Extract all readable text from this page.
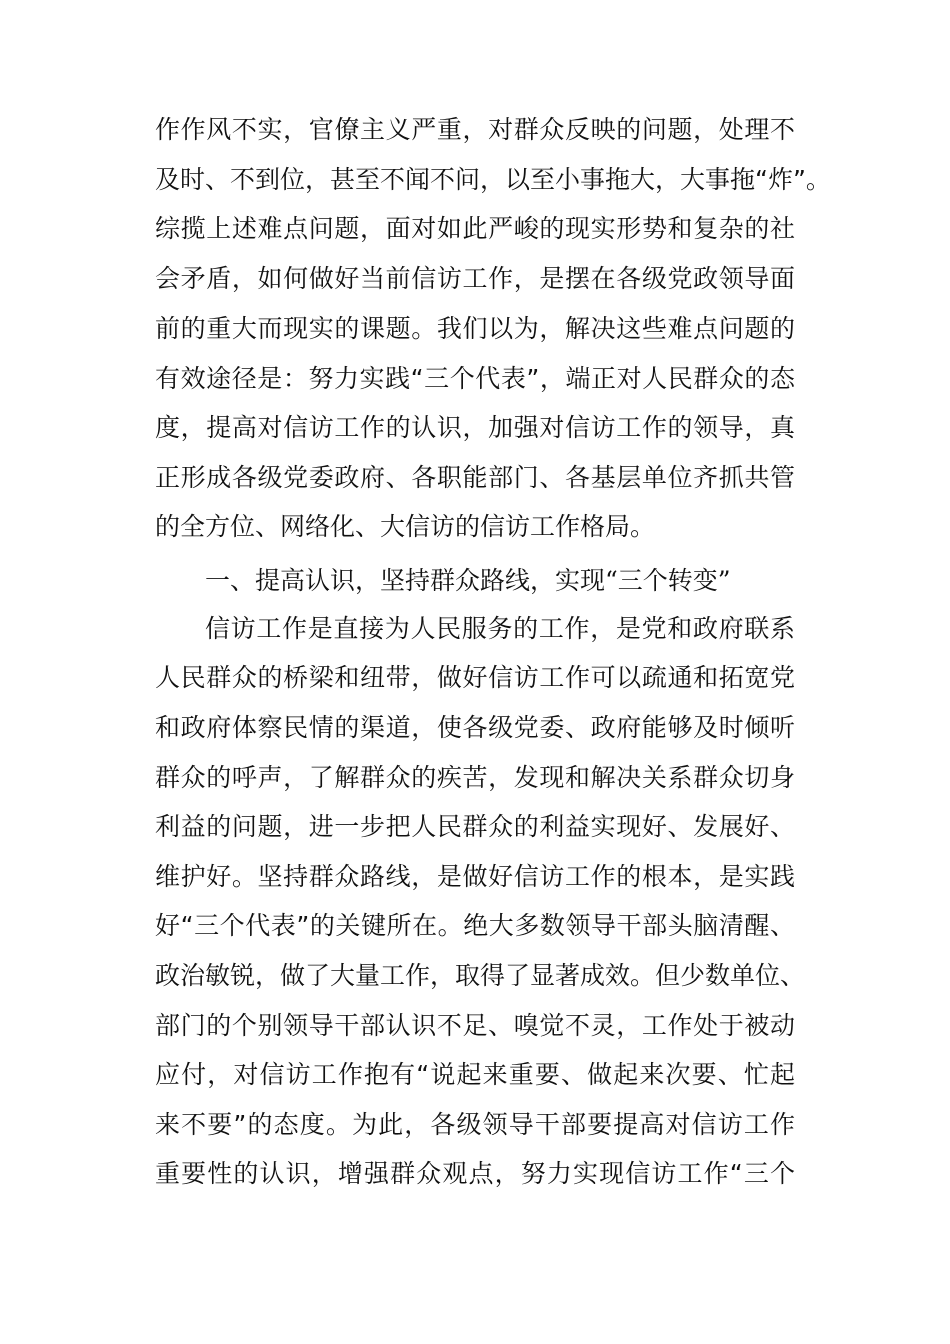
作作风不实，官僚主义严重，对群众反映的问题，处理不
及时、不到位，甚至不闻不问，以至小事拖大，大事拖“炸”。
综揽上述难点问题，面对如此严峻的现实形势和复杂的社
会矛盾，如何做好当前信访工作，是摆在各级党政领导面
前的重大而现实的课题。我们以为，解决这些难点问题的
有效途径是：努力实践“三个代表”，端正对人民群众的态
度，提高对信访工作的认识，加强对信访工作的领导，真
正形成各级党委政府、各职能部门、各基层单位齐抓共管
的全方位、网络化、大信访的信访工作格局。
一、提高认识，坚持群众路线，实现“三个转变”
信访工作是直接为人民服务的工作，是党和政府联系
人民群众的桥梁和纽带，做好信访工作可以疏通和拓宽党
和政府体察民情的渠道，使各级党委、政府能够及时倾听
群众的呼声，了解群众的疾苦，发现和解决关系群众切身
利益的问题，进一步把人民群众的利益实现好、发展好、
维护好。坚持群众路线，是做好信访工作的根本，是实践
好“三个代表”的关键所在。绝大多数领导干部头脑清醒、
政治敏锐，做了大量工作，取得了显著成效。但少数单位、
部门的个别领导干部认识不足、嗅觉不灵，工作处于被动
应付，对信访工作抱有“说起来重要、做起来次要、忙起
来不要”的态度。为此，各级领导干部要提高对信访工作
重要性的认识，增强群众观点，努力实现信访工作“三个
